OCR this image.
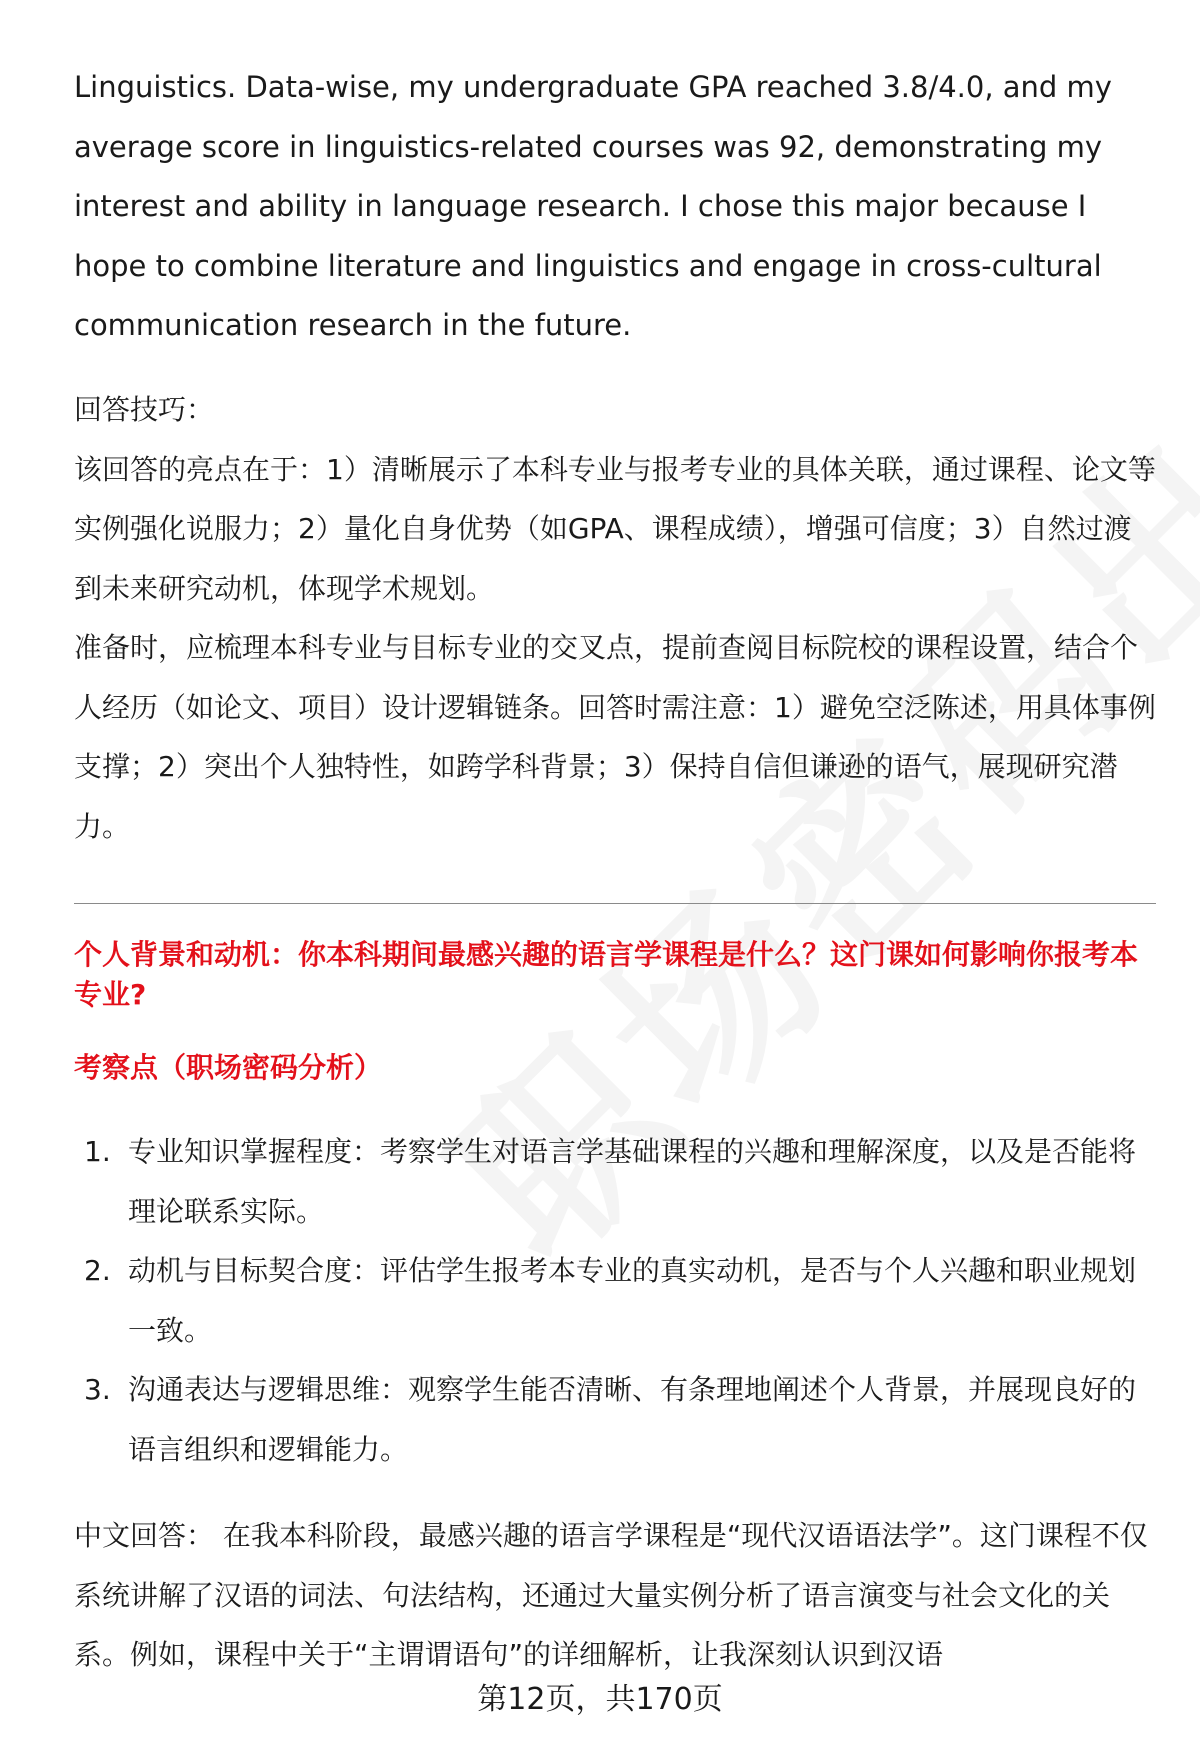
Linguistics. Data-wise, my undergraduate GPA reached 3.8/4.0, and my average score in linguistics-related courses was 92, demonstrating my interest and ability in language research. I chose this major because I hope to combine literature and linguistics and engage in cross-cultural communication research in the future.

回答技巧：

该回答的亮点在于：1）清晰展示了本科专业与报考专业的具体关联，通过课程、论文等实例强化说服力；2）量化自身优势（如GPA、课程成绩），增强可信度；3）自然过渡到未来研究动机，体现学术规划。

准备时，应梳理本科专业与目标专业的交叉点，提前查阅目标院校的课程设置，结合个人经历（如论文、项目）设计逻辑链条。回答时需注意：1）避免空泛陈述，用具体事例支撑；2）突出个人独特性，如跨学科背景；3）保持自信但谦逊的语气，展现研究潜力。

个人背景和动机：你本科期间最感兴趣的语言学课程是什么？这门课如何影响你报考本专业?

考察点（职场密码分析）

1. 专业知识掌握程度：考察学生对语言学基础课程的兴趣和理解深度，以及是否能将理论联系实际。
2. 动机与目标契合度：评估学生报考本专业的真实动机，是否与个人兴趣和职业规划一致。
3. 沟通表达与逻辑思维：观察学生能否清晰、有条理地阐述个人背景，并展现良好的语言组织和逻辑能力。

中文回答： 在我本科阶段，最感兴趣的语言学课程是“现代汉语语法学”。这门课程不仅系统讲解了汉语的词法、句法结构，还通过大量实例分析了语言演变与社会文化的关系。例如，课程中关于“主谓谓语句”的详细解析，让我深刻认识到汉语

第12页，共170页
